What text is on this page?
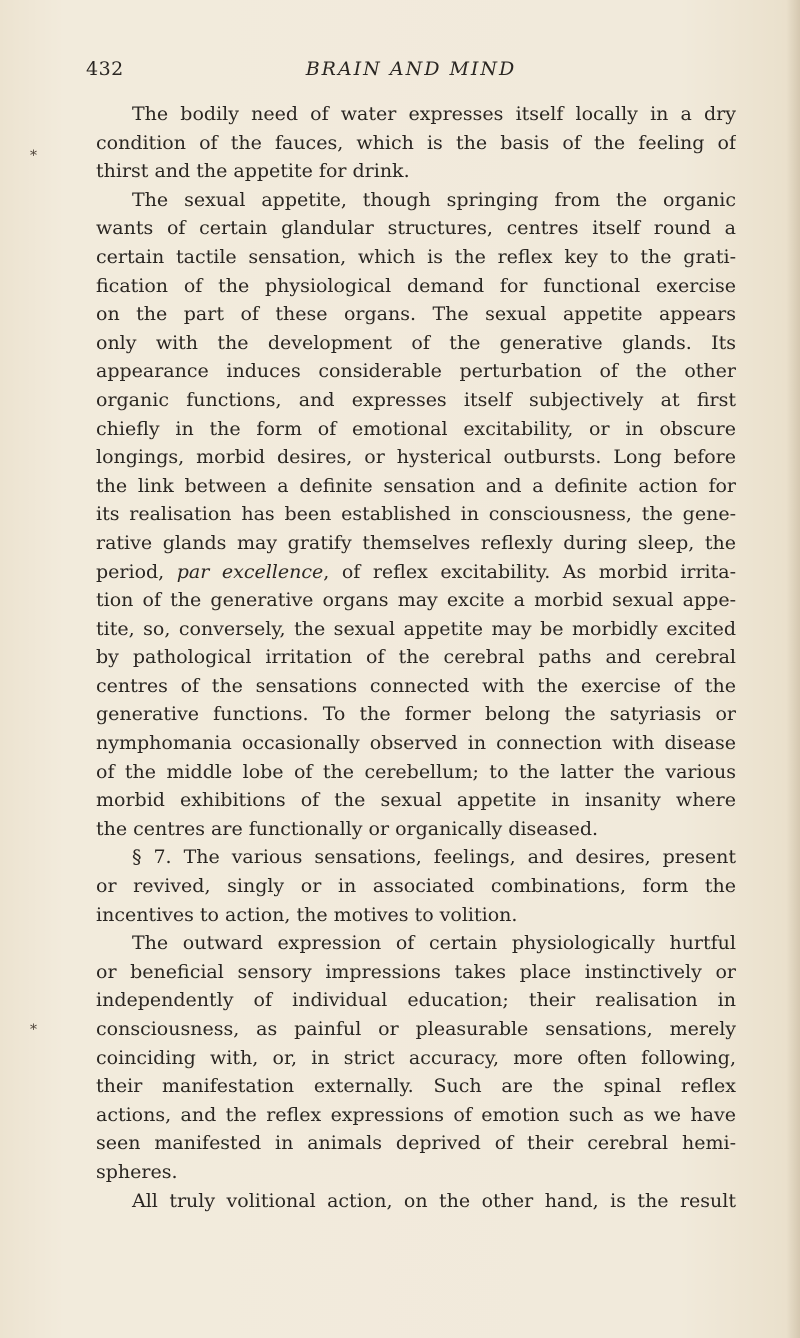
432	BRAIN AND MIND
*
*
The bodily need of water expresses itself locally in a dry
condition of the fauces, which is the basis of the feeling of
thirst and the appetite for drink.
The sexual appetite, though springing from the organic
wants of certain glandular structures, centres itself round a
certain tactile sensation, which is the reflex key to the grati-
fication of the physiological demand for functional exercise
on the part of these organs. The sexual appetite appears
only with the development of the generative glands. Its
appearance induces considerable perturbation of the other
organic functions, and expresses itself subjectively at first
chiefly in the form of emotional excitability, or in obscure
longings, morbid desires, or hysterical outbursts. Long before
the link between a definite sensation and a definite action for
its realisation has been established in consciousness, the gene-
rative glands may gratify themselves reflexly during sleep, the
period, par excellence, of reflex excitability. As morbid irrita-
tion of the generative organs may excite a morbid sexual appe-
tite, so, conversely, the sexual appetite may be morbidly excited
by pathological irritation of the cerebral paths and cerebral
centres of the sensations connected with the exercise of the
generative functions. To the former belong the satyriasis or
nymphomania occasionally observed in connection with disease
of the middle lobe of the cerebellum; to the latter the various
morbid exhibitions of the sexual appetite in insanity where
the centres are functionally or organically diseased.
§ 7. The various sensations, feelings, and desires, present
or revived, singly or in associated combinations, form the
incentives to action, the motives to volition.
The outward expression of certain physiologically hurtful
or beneficial sensory impressions takes place instinctively or
independently of individual education; their realisation in
consciousness, as painful or pleasurable sensations, merely
coinciding with, or, in strict accuracy, more often following,
their manifestation externally. Such are the spinal reflex
actions, and the reflex expressions of emotion such as we have
seen manifested in animals deprived of their cerebral hemi-
spheres.
All truly volitional action, on the other hand, is the result
